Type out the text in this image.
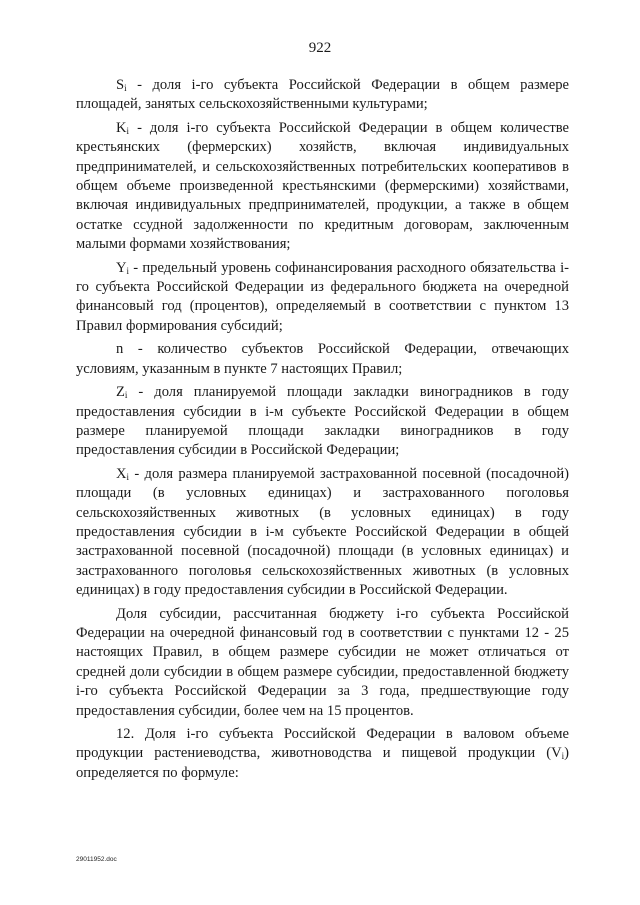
922

$S_i$ - доля i-го субъекта Российской Федерации в общем размере площадей, занятых сельскохозяйственными культурами;

$K_i$ - доля i-го субъекта Российской Федерации в общем количестве крестьянских (фермерских) хозяйств, включая индивидуальных предпринимателей, и сельскохозяйственных потребительских кооперативов в общем объеме произведенной крестьянскими (фермерскими) хозяйствами, включая индивидуальных предпринимателей, продукции, а также в общем остатке ссудной задолженности по кредитным договорам, заключенным малыми формами хозяйствования;

$Y_i$ - предельный уровень софинансирования расходного обязательства i-го субъекта Российской Федерации из федерального бюджета на очередной финансовый год (процентов), определяемый в соответствии с пунктом 13 Правил формирования субсидий;

n - количество субъектов Российской Федерации, отвечающих условиям, указанным в пункте 7 настоящих Правил;

$Z_i$ - доля планируемой площади закладки виноградников в году предоставления субсидии в i-м субъекте Российской Федерации в общем размере планируемой площади закладки виноградников в году предоставления субсидии в Российской Федерации;

$X_i$ - доля размера планируемой застрахованной посевной (посадочной) площади (в условных единицах) и застрахованного поголовья сельскохозяйственных животных (в условных единицах) в году предоставления субсидии в i-м субъекте Российской Федерации в общей застрахованной посевной (посадочной) площади (в условных единицах) и застрахованного поголовья сельскохозяйственных животных (в условных единицах) в году предоставления субсидии в Российской Федерации.

Доля субсидии, рассчитанная бюджету i-го субъекта Российской Федерации на очередной финансовый год в соответствии с пунктами 12 - 25 настоящих Правил, в общем размере субсидии не может отличаться от средней доли субсидии в общем размере субсидии, предоставленной бюджету i-го субъекта Российской Федерации за 3 года, предшествующие году предоставления субсидии, более чем на 15 процентов.

12. Доля i-го субъекта Российской Федерации в валовом объеме продукции растениеводства, животноводства и пищевой продукции $(V_i)$ определяется по формуле:

29011952.doc
